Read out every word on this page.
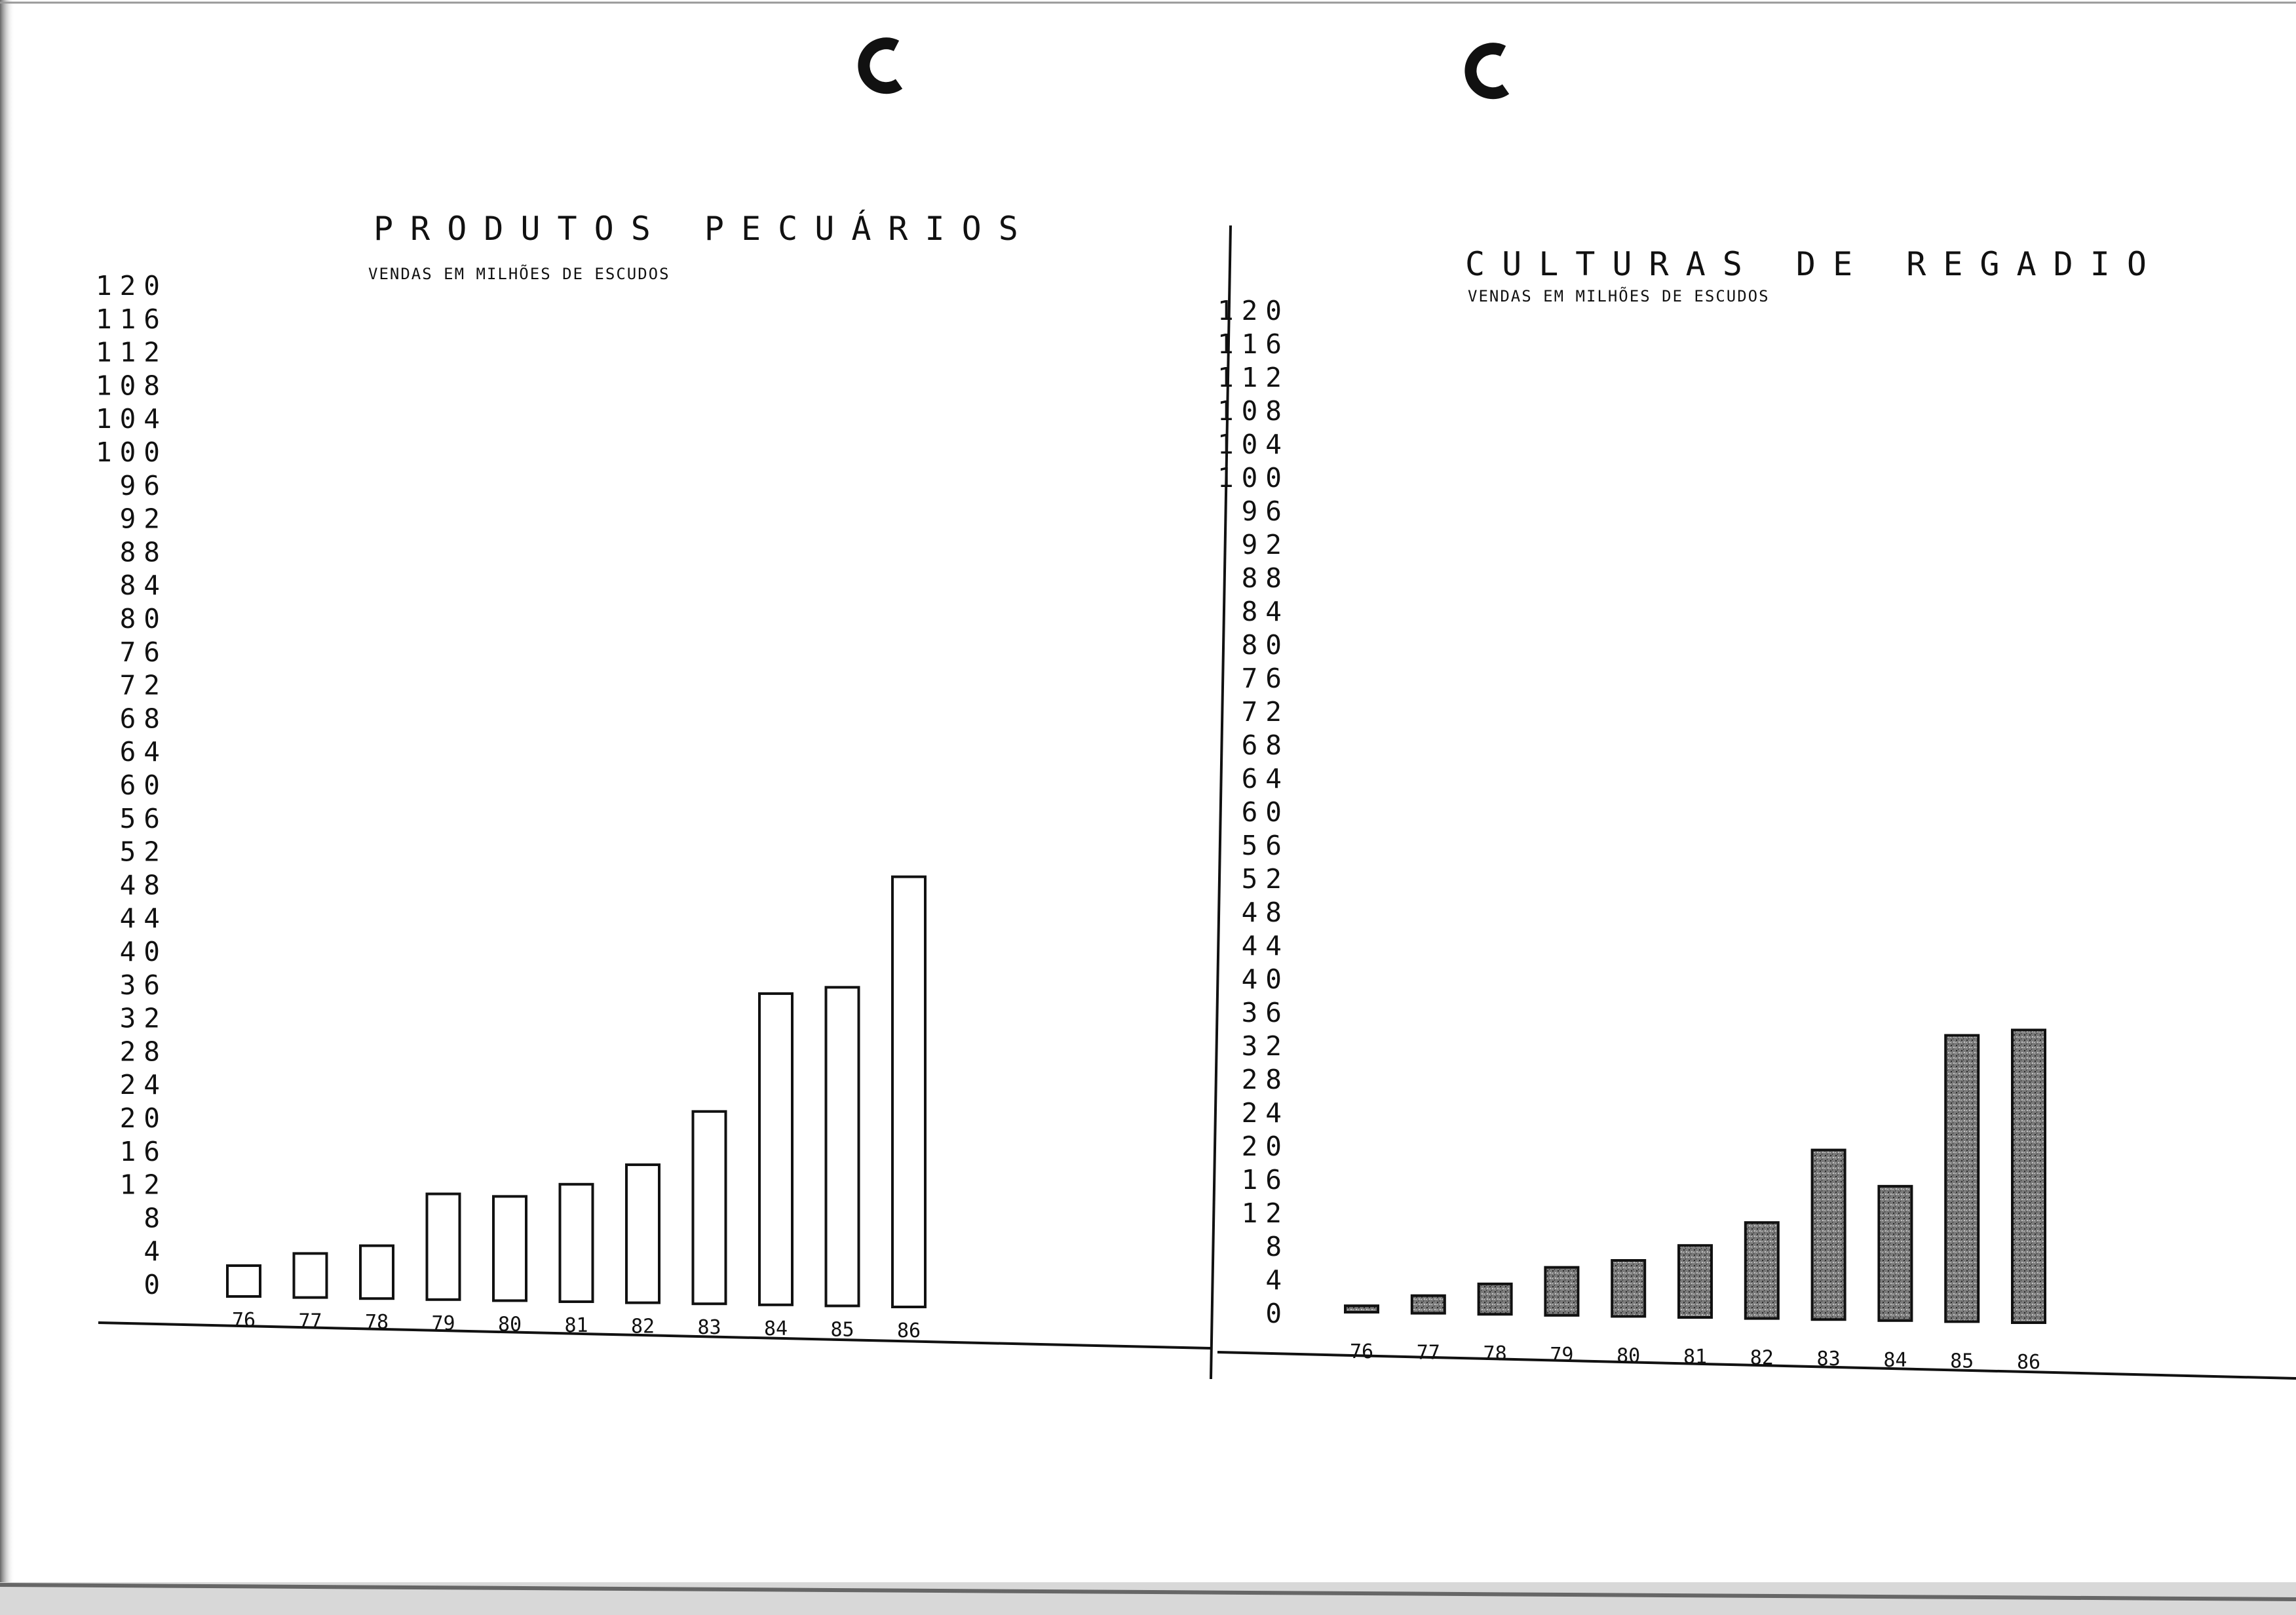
PRODUTOS PECUÁRIOS
VENDAS EM MILHÕES DE ESCUDOS
120
116
112
108
104
100
96
92
88
84
80
76
72
68
64
60
56
52
48
44
40
36
32
28
24
20
16
12
8
4
0
76 77 78 79 80 81 82 83 84 85 86
CULTURAS DE REGADIO
VENDAS EM MILHÕES DE ESCUDOS
120
116
112
108
104
100
96
92
88
84
80
76
72
68
64
60
56
52
48
44
40
36
32
28
24
20
16
12
8
4
0
76 77 78 79 80 81 82 83 84 85 86
